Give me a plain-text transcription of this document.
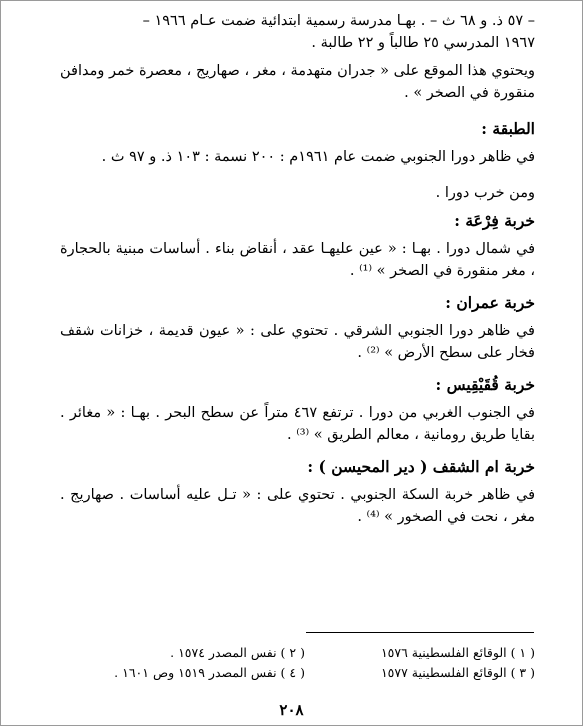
– ٥٧ ذ. و ٦٨ ث – . بهـا مدرسة رسمية ابتدائية ضمت عـام ١٩٦٦ –

١٩٦٧ المدرسي ٢٥ طالباً و ٢٢ طالبة .

ويحتوي هذا الموقع على « جدران متهدمة ، مغر ، صهاريج ، معصرة خمر ومدافن منقورة في الصخر » .

الطبقة :

في ظاهر دورا الجنوبي ضمت عام ١٩٦١م : ٢٠٠ نسمة : ١٠٣ ذ. و ٩٧ ث .

ومن خرب دورا .

خربة فِرْعَة :

في شمال دورا . بهـا : « عين عليهـا عقد ، أنقاض بناء . أساسات مبنية بالحجارة ، مغر منقورة في الصخر » ⁽¹⁾ .

خربة عمران :

في ظاهر دورا الجنوبي الشرقي . تحتوي على : « عيون قديمة ، خزانات شقف فخار على سطح الأرض » ⁽²⁾ .

خربة قُقَيْقِيس :

في الجنوب الغربي من دورا . ترتفع ٤٦٧ متراً عن سطح البحر . بهـا : « مغائر . بقايا طريق رومانية ، معالم الطريق » ⁽³⁾ .

خربة ام الشقف ( دير المحيسن ) :

في ظاهر خربة السكة الجنوبي . تحتوي على : « تـل عليه أساسات . صهاريج . مغر ، نحت في الصخور » ⁽⁴⁾ .

( ١ ) الوقائع الفلسطينية ١٥٧٦( ٢ ) نفس المصدر ١٥٧٤ .
( ٣ ) الوقائع الفلسطينية ١٥٧٧( ٤ ) نفس المصدر ١٥١٩ وص ١٦٠١ .
٢٠٨
